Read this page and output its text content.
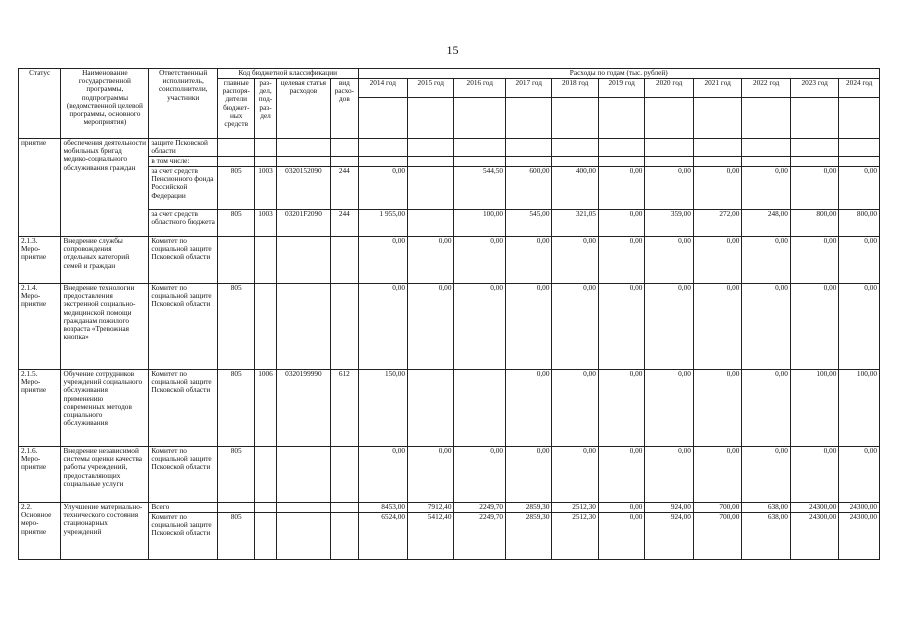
15
Статус	Наименование государственной программы, подпрограммы (ведомственной целевой программы, основного мероприятия)	Ответственный исполнитель, соисполнители, участники	Код бюджетной классификации				Расходы по годам (тыс. рублей)										
			главные распоря-дители бюджет-ных средств	раз-дел, под-раз-дел	целевая статья расходов	вид расхо-дов	2014 год	2015 год	2016 год	2017 год	2018 год	2019 год	2020 год	2021 год	2022 год	2023 год	2024 год

приятие	обеспечения деятельности мобильных бригад медико-социального обслуживания граждан	защите Псковской области															
		в том числе:															
		за счет средств Пенсионного фонда Российской Федерации	805	1003	0320152090	244	0,00		544,50	600,00	400,00	0,00	0,00	0,00	0,00	0,00	0,00
		за счет средств областного бюджета	805	1003	03201F2090	244	1 955,00		100,00	545,00	321,05	0,00	359,00	272,00	248,00	800,00	800,00
2.1.3. Меро-приятие	Внедрение службы сопровождения отдельных категорий семей и граждан	Комитет по социальной защите Псковской области					0,00	0,00	0,00	0,00	0,00	0,00	0,00	0,00	0,00	0,00	0,00
2.1.4. Меро-приятие	Внедрение технологии предоставления экстренной социально-медицинской помощи гражданам пожилого возраста «Тревожная кнопка»	Комитет по социальной защите Псковской области	805				0,00	0,00	0,00	0,00	0,00	0,00	0,00	0,00	0,00	0,00	0,00
2.1.5. Меро-приятие	Обучение сотрудников учреждений социального обслуживания применению современных методов социального обслуживания	Комитет по социальной защите Псковской области	805	1006	0320199990	612	150,00			0,00	0,00	0,00	0,00	0,00	0,00	100,00	100,00
2.1.6. Меро-приятие	Внедрение независимой системы оценки качества работы учреждений, предоставляющих социальные услуги	Комитет по социальной защите Псковской области	805				0,00	0,00	0,00	0,00	0,00	0,00	0,00	0,00	0,00	0,00	0,00
2.2. Основное меро-приятие	Улучшение материально-технического состояния стационарных учреждений	Всего					8453,00	7912,40	2249,70	2859,30	2512,30	0,00	924,00	700,00	638,00	24300,00	24300,00
		Комитет по социальной защите Псковской области	805				6524,00	5412,40	2249,70	2859,30	2512,30	0,00	924,00	700,00	638,00	24300,00	24300,00
